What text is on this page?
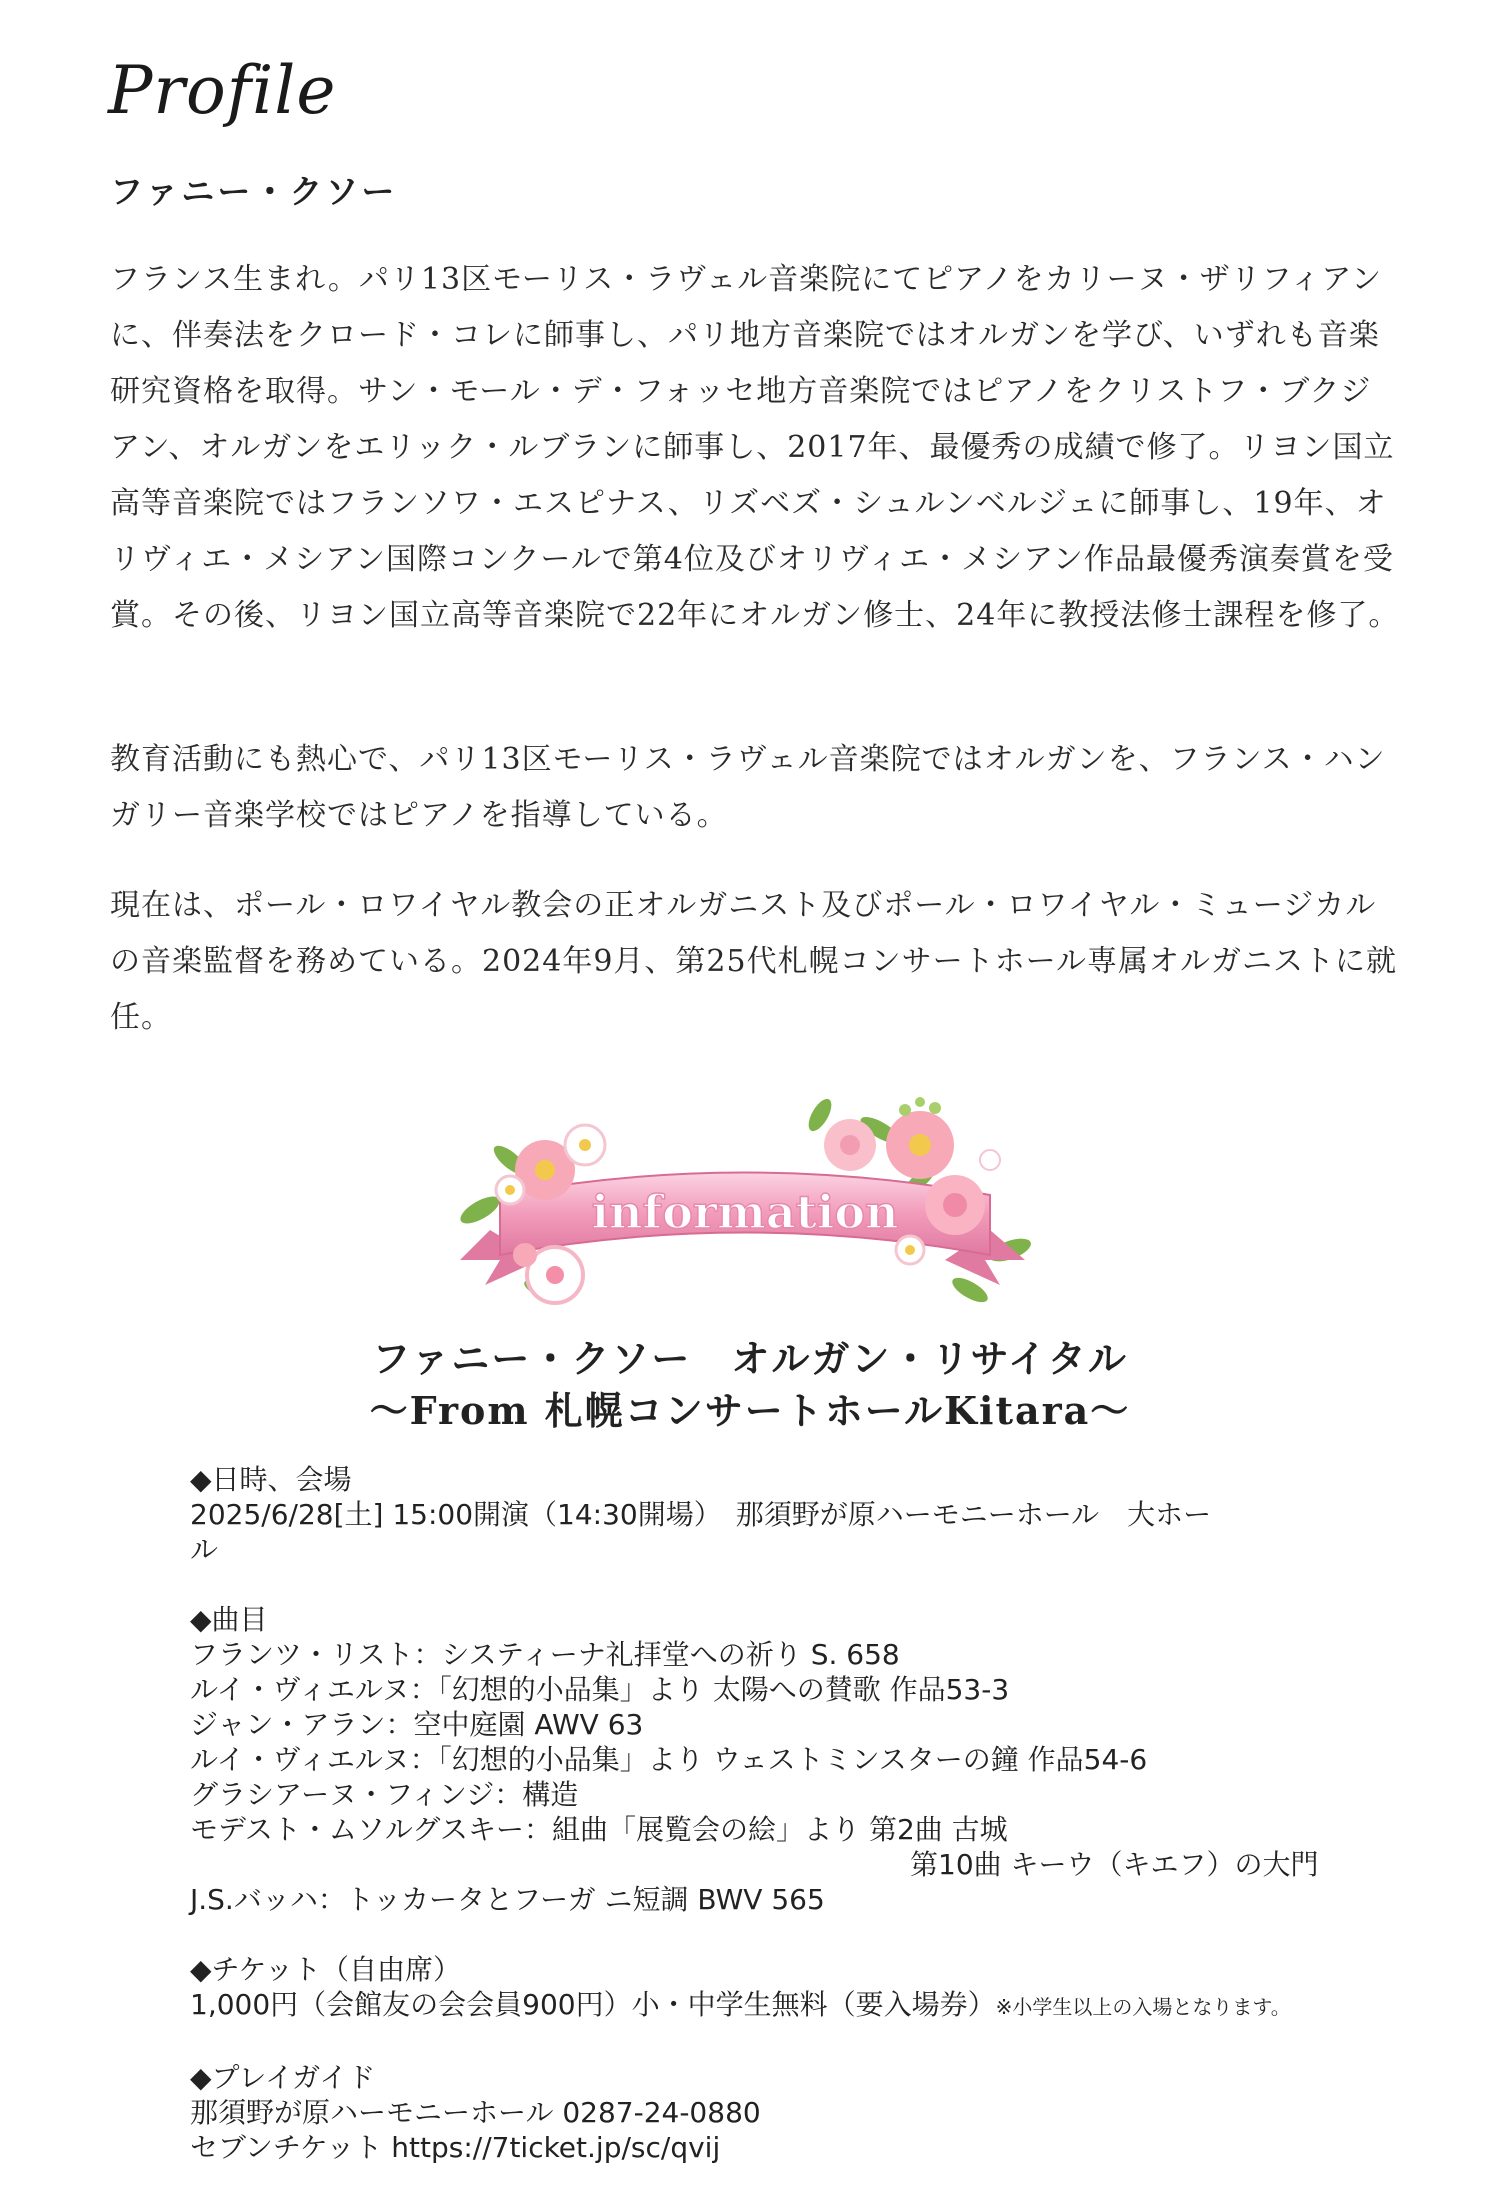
Profile
ファニー・クソー

フランス生まれ。パリ13区モーリス・ラヴェル音楽院にてピアノをカリーヌ・ザリフィアンに、伴奏法をクロード・コレに師事し、パリ地方音楽院ではオルガンを学び、いずれも音楽研究資格を取得。サン・モール・デ・フォッセ地方音楽院ではピアノをクリストフ・ブクジアン、オルガンをエリック・ルブランに師事し、2017年、最優秀の成績で修了。リヨン国立高等音楽院ではフランソワ・エスピナス、リズベズ・シュルンベルジェに師事し、19年、オリヴィエ・メシアン国際コンクールで第4位及びオリヴィエ・メシアン作品最優秀演奏賞を受賞。その後、リヨン国立高等音楽院で22年にオルガン修士、24年に教授法修士課程を修了。

教育活動にも熱心で、パリ13区モーリス・ラヴェル音楽院ではオルガンを、フランス・ハンガリー音楽学校ではピアノを指導している。

現在は、ポール・ロワイヤル教会の正オルガニスト及びポール・ロワイヤル・ミュージカルの音楽監督を務めている。2024年9月、第25代札幌コンサートホール専属オルガニストに就任。

information
ファニー・クソー　オルガン・リサイタル
～From 札幌コンサートホールKitara～
◆日時、会場
2025/6/28[土] 15:00開演（14:30開場）　那須野が原ハーモニーホール　大ホー
ル
◆曲目
フランツ・リスト：システィーナ礼拝堂への祈り S. 658
ルイ・ヴィエルヌ：「幻想的小品集」より 太陽への賛歌 作品53-3
ジャン・アラン：空中庭園 AWV 63
ルイ・ヴィエルヌ：「幻想的小品集」より ウェストミンスターの鐘 作品54-6
グラシアーヌ・フィンジ：構造
モデスト・ムソルグスキー：組曲「展覧会の絵」より 第2曲 古城
第10曲 キーウ（キエフ）の大門
J.S.バッハ：トッカータとフーガ ニ短調 BWV 565
◆チケット（自由席）
1,000円（会館友の会会員900円）小・中学生無料（要入場券）※小学生以上の入場となります。
◆プレイガイド
那須野が原ハーモニーホール 0287-24-0880
セブンチケット https://7ticket.jp/sc/qvij
